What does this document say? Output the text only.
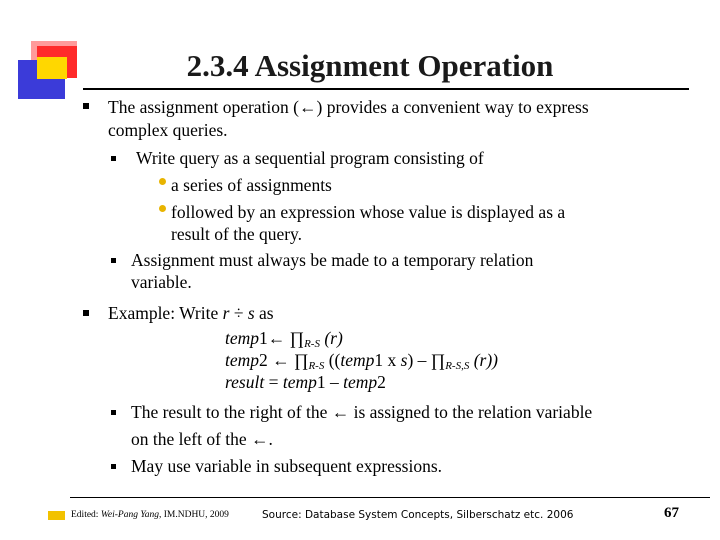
2.3.4 Assignment Operation
The assignment operation (←) provides a convenient way to express
complex queries.
Write query as a sequential program consisting of
a series of assignments
followed by an expression whose value is displayed as a
result of the query.
Assignment must always be made to a temporary relation
variable.
Example: Write r ÷ s as
temp1← $\prod_{R-S}$ (r)
temp2 ← $\prod_{R-S}$ ((temp1 x $s) - \prod_{R-S,S}$ (r))
result = temp1 – temp2
The result to the right of the ← is assigned to the relation variable
on the left of the ←.
May use variable in subsequent expressions.
Edited: Wei-Pang Yang, IM.NDHU, 2009	Source: Database System Concepts, Silberschatz etc. 2006	67
